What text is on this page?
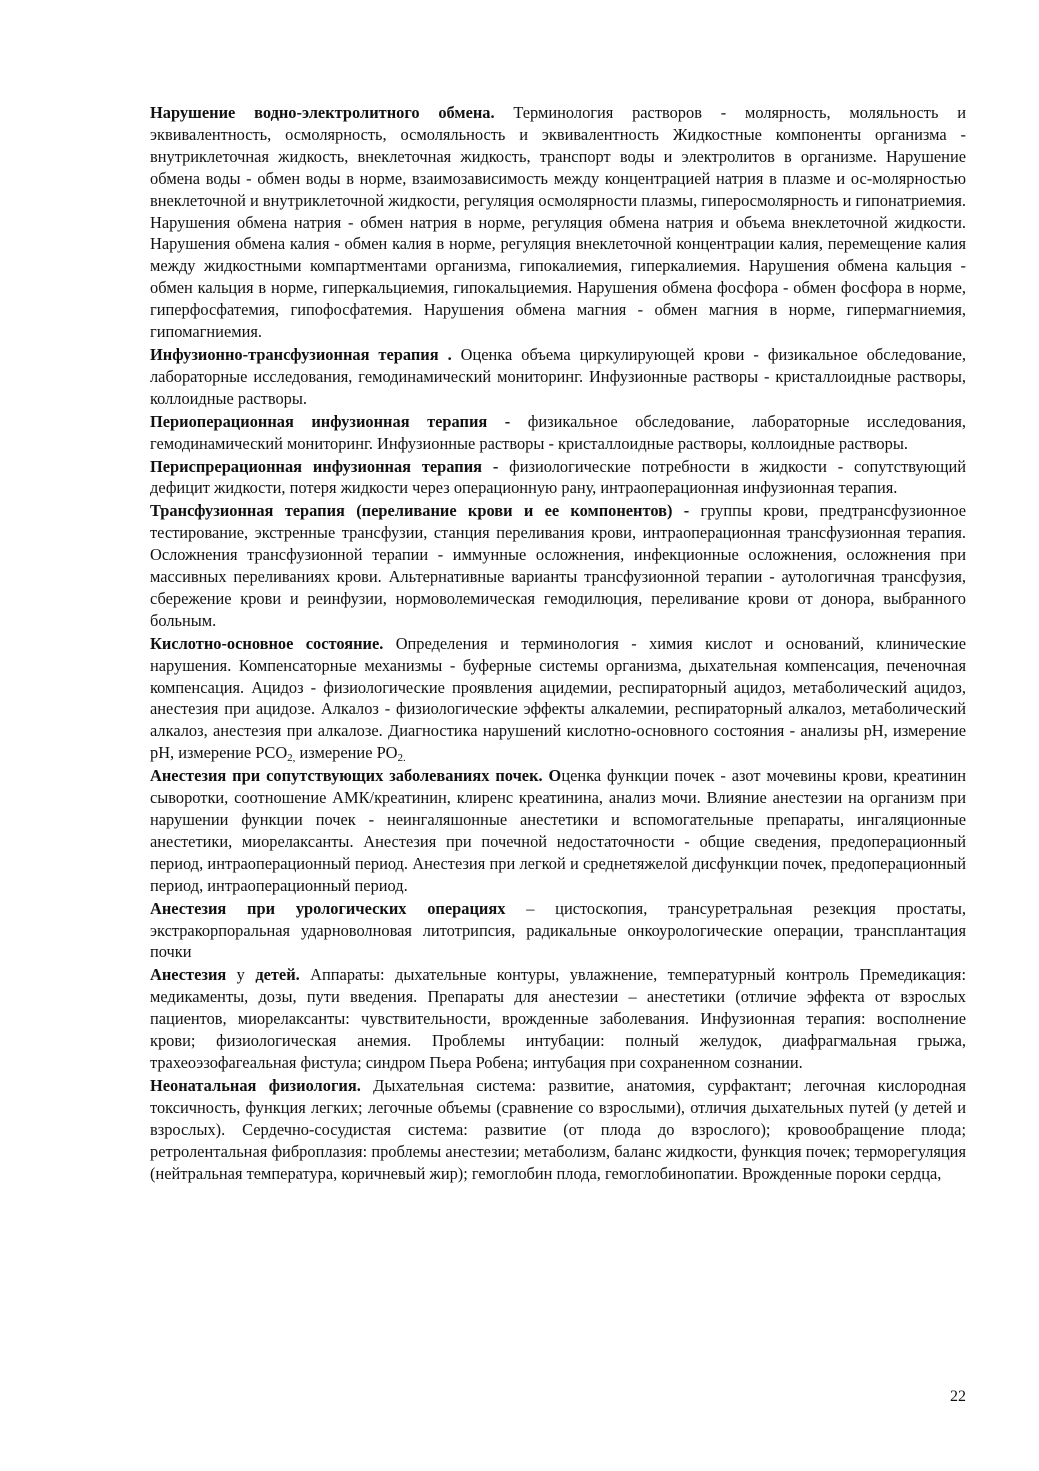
Нарушение водно-электролитного обмена. Терминология растворов - молярность, моляльность и эквивалентность, осмолярность, осмоляльность и эквивалентность Жидкостные компоненты организма - внутриклеточная жидкость, внеклеточная жидкость, транспорт воды и электролитов в организме. Нарушение обмена воды - обмен воды в норме, взаимозависимость между концентрацией натрия в плазме и ос-молярностью внеклеточной и внутриклеточной жидкости, регуляция осмолярности плазмы, гиперосмолярность и гипонатриемия. Нарушения обмена натрия - обмен натрия в норме, регуляция обмена натрия и объема внеклеточной жидкости. Нарушения обмена калия - обмен калия в норме, регуляция внеклеточной концентрации калия, перемещение калия между жидкостными компартментами организма, гипокалиемия, гиперкалиемия. Нарушения обмена кальция - обмен кальция в норме, гиперкальциемия, гипокальциемия. Нарушения обмена фосфора - обмен фосфора в норме, гиперфосфатемия, гипофосфатемия. Нарушения обмена магния - обмен магния в норме, гипермагниемия, гипомагниемия.

Инфузионно-трансфузионная терапия . Оценка объема циркулирующей крови - физикальное обследование, лабораторные исследования, гемодинамический мониторинг. Инфузионные растворы - кристаллоидные растворы, коллоидные растворы.

Периоперационная инфузионная терапия - физикальное обследование, лабораторные исследования, гемодинамический мониторинг. Инфузионные растворы - кристаллоидные растворы, коллоидные растворы.

Периспрерационная инфузионная терапия - физиологические потребности в жидкости - сопутствующий дефицит жидкости, потеря жидкости через операционную рану, интраоперационная инфузионная терапия.

Трансфузионная терапия (переливание крови и ее компонентов) - группы крови, предтрансфузионное тестирование, экстренные трансфузии, станция переливания крови, интраоперационная трансфузионная терапия. Осложнения трансфузионной терапии - иммунные осложнения, инфекционные осложнения, осложнения при массивных переливаниях крови. Альтернативные варианты трансфузионной терапии - аутологичная трансфузия, сбережение крови и реинфузии, нормоволемическая гемодилюция, переливание крови от донора, выбранного больным.

Кислотно-основное состояние. Определения и терминология - химия кислот и оснований, клинические нарушения. Компенсаторные механизмы - буферные системы организма, дыхательная компенсация, печеночная компенсация. Ацидоз - физиологические проявления ацидемии, респираторный ацидоз, метаболический ацидоз, анестезия при ацидозе. Алкалоз - физиологические эффекты алкалемии, респираторный алкалоз, метаболический алкалоз, анестезия при алкалозе. Диагностика нарушений кислотно-основного состояния - анализы pH, измерение pH, измерение $PCO_{2,}$ измерение $PO_{2.}$

Анестезия при сопутствующих заболеваниях почек. Оценка функции почек - азот мочевины крови, креатинин сыворотки, соотношение АМК/креатинин, клиренс креатинина, анализ мочи. Влияние анестезии на организм при нарушении функции почек - неингаляшонные анестетики и вспомогательные препараты, ингаляционные анестетики, миорелаксанты. Анестезия при почечной недостаточности - общие сведения, предоперационный период, интраоперационный период. Анестезия при легкой и среднетяжелой дисфункции почек, предоперационный период, интраоперационный период.

Анестезия при урологических операциях – цистоскопия, трансуретральная резекция простаты, экстракорпоральная ударноволновая литотрипсия, радикальные онкоурологические операции, трансплантация почки

Анестезия у детей. Аппараты: дыхательные контуры, увлажнение, температурный контроль Премедикация: медикаменты, дозы, пути введения. Препараты для анестезии – анестетики (отличие эффекта от взрослых пациентов, миорелаксанты: чувствительности, врожденные заболевания. Инфузионная терапия: восполнение крови; физиологическая анемия. Проблемы интубации: полный желудок, диафрагмальная грыжа, трахеоэзофагеальная фистула; синдром Пьера Робена; интубация при сохраненном сознании.

Неонатальная физиология. Дыхательная система: развитие, анатомия, сурфактант; легочная кислородная токсичность, функция легких; легочные объемы (сравнение со взрослыми), отличия дыхательных путей (у детей и взрослых). Сердечно-сосудистая система: развитие (от плода до взрослого); кровообращение плода; ретролентальная фиброплазия: проблемы анестезии; метаболизм, баланс жидкости, функция почек; терморегуляция (нейтральная температура, коричневый жир); гемоглобин плода, гемоглобинопатии. Врожденные пороки сердца,

22
